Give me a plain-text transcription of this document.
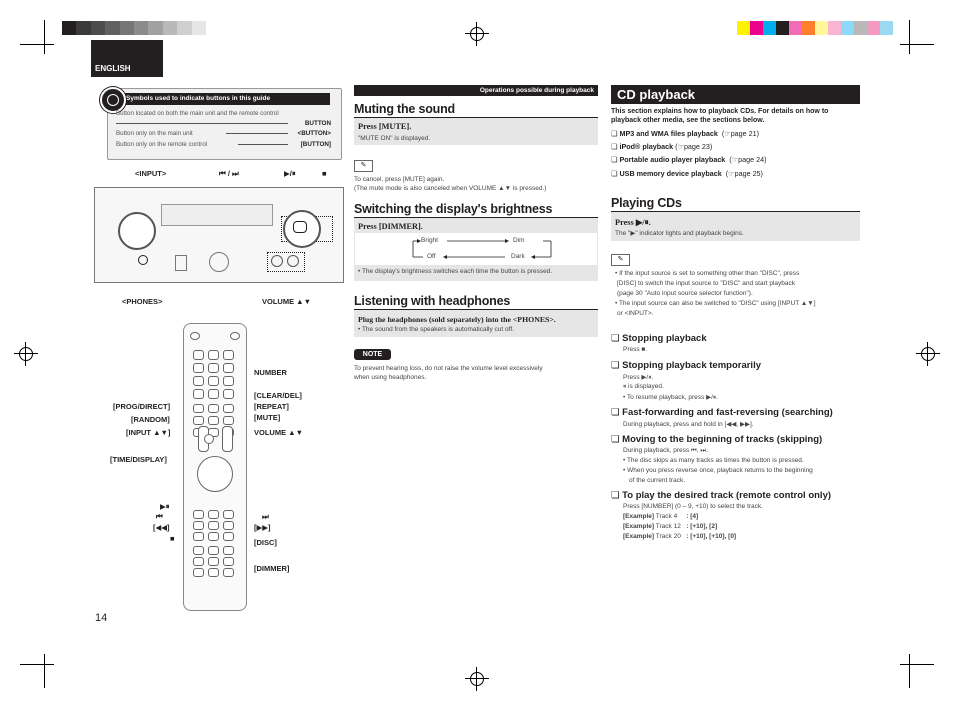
ENGLISH
Symbols used to indicate buttons in this guide
Button located on both the main unit and the remote control
BUTTON
Button only on the main unit	<BUTTON>
Button only on the remote control	[BUTTON]
<INPUT>	⏮ / ⏭	▶/⏸	■
<PHONES>	VOLUME ▲▼
NUMBER
[PROG/DIRECT]
[RANDOM]
[INPUT ▲▼]
[CLEAR/DEL]
[REPEAT]
[MUTE]
VOLUME ▲▼
[TIME/DISPLAY]
▶⏸
⏮
[◀◀]
■
⏭
[▶▶]
[DISC]
[DIMMER]
14
Operations possible during playback
Muting the sound
Press [MUTE].
"MUTE ON" is displayed.
✎
To cancel, press [MUTE] again.
(The mute mode is also canceled when VOLUME ▲▼ is pressed.)
Switching the display's brightness
Press [DIMMER].
Bright	Dim
Off	Dark
• The display's brightness switches each time the button is pressed.
Listening with headphones
Plug the headphones (sold separately) into the <PHONES>.
• The sound from the speakers is automatically cut off.
NOTE
To prevent hearing loss, do not raise the volume level excessively
when using headphones.
CD playback
This section explains how to playback CDs. For details on how to
playback other media, see the sections below.
❏ MP3 and WMA files playback  (☞page 21)
❏ iPod® playback (☞page 23)
❏ Portable audio player playback  (☞page 24)
❏ USB memory device playback  (☞page 25)
Playing CDs
Press ▶/⏸.
The "▶" indicator lights and playback begins.
✎
• If the input source is set to something other than "DISC", press
[DISC] to switch the input source to "DISC" and start playback
(page 30 "Auto input source selector function").
• The input source can also be switched to "DISC" using [INPUT ▲▼]
or <INPUT>.
❏ Stopping playback
Press ■.
❏ Stopping playback temporarily
Press ▶/⏸.
⏸ is displayed.
• To resume playback, press ▶/⏸.
❏ Fast-forwarding and fast-reversing (searching)
During playback, press and hold in [◀◀, ▶▶].
❏ Moving to the beginning of tracks (skipping)
During playback, press ⏮, ⏭.
• The disc skips as many tracks as times the button is pressed.
• When you press reverse once, playback returns to the beginning
of the current track.
❏ To play the desired track (remote control only)
Press [NUMBER] (0 – 9, +10) to select the track.
[Example] Track 4 : [4]
[Example] Track 12 : [+10], [2]
[Example] Track 20 : [+10], [+10], [0]
